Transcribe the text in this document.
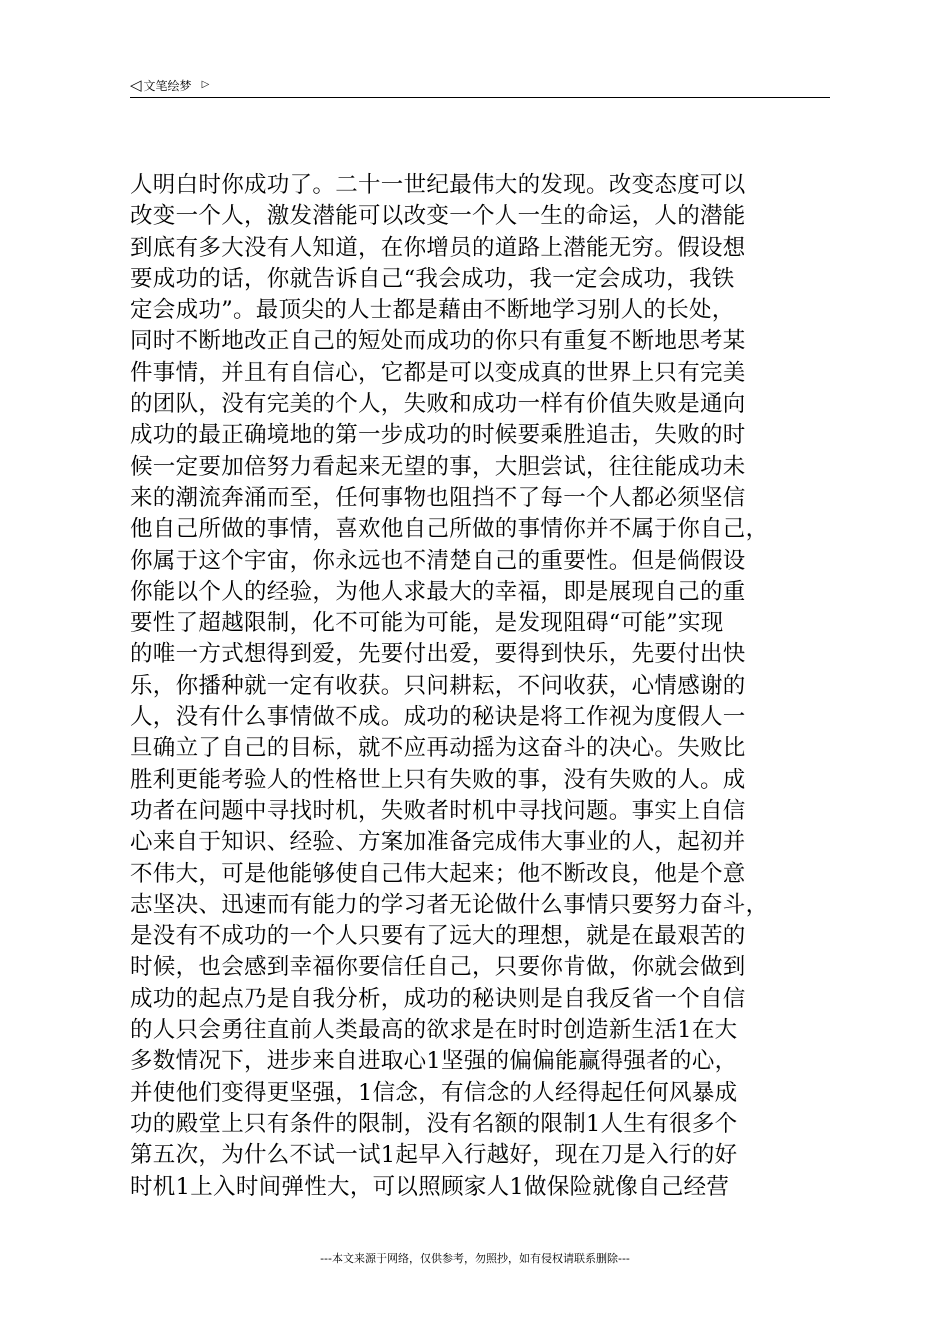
◁ 文笔绘梦 ▷
人明白时你成功了。二十一世纪最伟大的发现。改变态度可以
改变一个人，激发潜能可以改变一个人一生的命运，人的潜能
到底有多大没有人知道，在你增员的道路上潜能无穷。假设想
要成功的话，你就告诉自己“我会成功，我一定会成功，我铁
定会成功”。最顶尖的人士都是藉由不断地学习别人的长处，
同时不断地改正自己的短处而成功的你只有重复不断地思考某
件事情，并且有自信心，它都是可以变成真的世界上只有完美
的团队，没有完美的个人，失败和成功一样有价值失败是通向
成功的最正确境地的第一步成功的时候要乘胜追击，失败的时
候一定要加倍努力看起来无望的事，大胆尝试，往往能成功未
来的潮流奔涌而至，任何事物也阻挡不了每一个人都必须坚信
他自己所做的事情，喜欢他自己所做的事情你并不属于你自己，
你属于这个宇宙，你永远也不清楚自己的重要性。但是倘假设
你能以个人的经验，为他人求最大的幸福，即是展现自己的重
要性了超越限制，化不可能为可能，是发现阻碍“可能”实现
的唯一方式想得到爱，先要付出爱，要得到快乐，先要付出快
乐，你播种就一定有收获。只问耕耘，不问收获，心情感谢的
人，没有什么事情做不成。成功的秘诀是将工作视为度假人一
旦确立了自己的目标，就不应再动摇为这奋斗的决心。失败比
胜利更能考验人的性格世上只有失败的事，没有失败的人。成
功者在问题中寻找时机，失败者时机中寻找问题。事实上自信
心来自于知识、经验、方案加准备完成伟大事业的人，起初并
不伟大，可是他能够使自己伟大起来；他不断改良，他是个意
志坚决、迅速而有能力的学习者无论做什么事情只要努力奋斗，
是没有不成功的一个人只要有了远大的理想，就是在最艰苦的
时候，也会感到幸福你要信任自己，只要你肯做，你就会做到
成功的起点乃是自我分析，成功的秘诀则是自我反省一个自信
的人只会勇往直前人类最高的欲求是在时时创造新生活1在大
多数情况下，进步来自进取心1坚强的偏偏能赢得强者的心，
并使他们变得更坚强，1信念，有信念的人经得起任何风暴成
功的殿堂上只有条件的限制，没有名额的限制1人生有很多个
第五次，为什么不试一试1起早入行越好，现在刀是入行的好
时机1上入时间弹性大，可以照顾家人1做保险就像自己经营
---本文来源于网络，仅供参考，勿照抄，如有侵权请联系删除---
